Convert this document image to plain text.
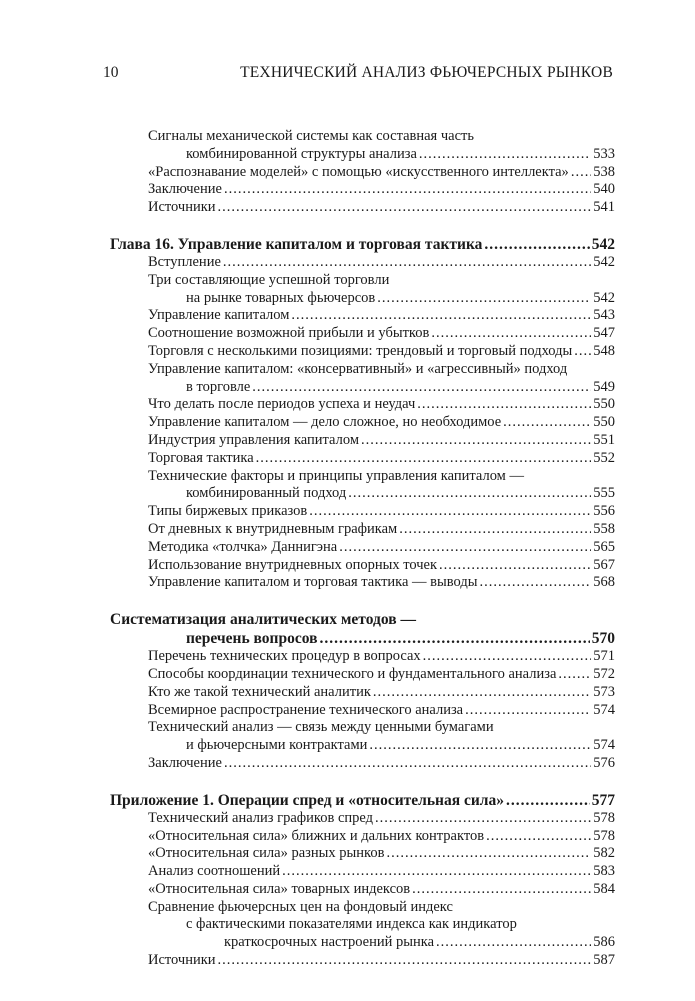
10	ТЕХНИЧЕСКИЙ АНАЛИЗ ФЬЮЧЕРСНЫХ РЫНКОВ
Сигналы механической системы как составная часть
комбинированной структуры анализа .....	533
«Распознавание моделей» с помощью «искусственного интеллекта» ..... 538
Заключение .....	540
Источники .....	541
Глава 16. Управление капиталом и торговая тактика .....	542
Вступление .....	542
Три составляющие успешной торговли
на рынке товарных фьючерсов .....	542
Управление капиталом .....	543
Соотношение возможной прибыли и убытков .....	547
Торговля с несколькими позициями: трендовый и торговый подходы ..... 548
Управление капиталом: «консервативный» и «агрессивный» подход
в торговле .....	549
Что делать после периодов успеха и неудач .....	550
Управление капиталом — дело сложное, но необходимое .....	550
Индустрия управления капиталом .....	551
Торговая тактика .....	552
Технические факторы и принципы управления капиталом —
комбинированный подход .....	555
Типы биржевых приказов .....	556
От дневных к внутридневным графикам .....	558
Методика «толчка» Даннигэна .....	565
Использование внутридневных опорных точек .....	567
Управление капиталом и торговая тактика — выводы .....	568
Систематизация аналитических методов —
перечень вопросов .....	570
Перечень технических процедур в вопросах .....	571
Способы координации технического и фундаментального анализа .....	572
Кто же такой технический аналитик .....	573
Всемирное распространение технического анализа .....	574
Технический анализ — связь между ценными бумагами
и фьючерсными контрактами .....	574
Заключение .....	576
Приложение 1. Операции спред и «относительная сила» .....	577
Технический анализ графиков спред .....	578
«Относительная сила» ближних и дальних контрактов .....	578
«Относительная сила» разных рынков .....	582
Анализ соотношений .....	583
«Относительная сила» товарных индексов .....	584
Сравнение фьючерсных цен на фондовый индекс
с фактическими показателями индекса как индикатор
краткосрочных настроений рынка .....	586
Источники .....	587
